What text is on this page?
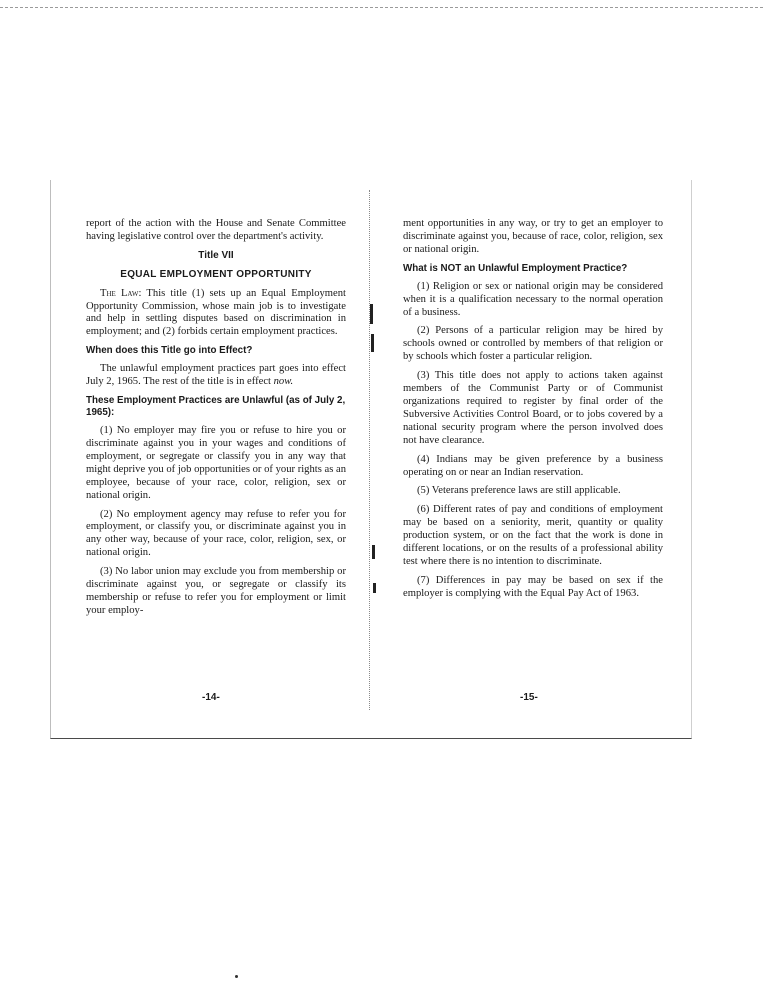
report of the action with the House and Senate Committee having legislative control over the department's activity.

Title VII

EQUAL EMPLOYMENT OPPORTUNITY

The Law: This title (1) sets up an Equal Employment Opportunity Commission, whose main job is to investigate and help in settling disputes based on discrimination in employment; and (2) forbids certain employment practices.

When does this Title go into Effect?

The unlawful employment practices part goes into effect July 2, 1965. The rest of the title is in effect now.

These Employment Practices are Unlawful (as of July 2, 1965):

(1) No employer may fire you or refuse to hire you or discriminate against you in your wages and conditions of employment, or segregate or classify you in any way that might deprive you of job opportunities or of your rights as an employee, because of your race, color, religion, sex or national origin.

(2) No employment agency may refuse to refer you for employment, or classify you, or discriminate against you in any other way, because of your race, color, religion, sex, or national origin.

(3) No labor union may exclude you from membership or discriminate against you, or segregate or classify its membership or refuse to refer you for employment or limit your employ-

-14-

ment opportunities in any way, or try to get an employer to discriminate against you, because of race, color, religion, sex or national origin.

What is NOT an Unlawful Employment Practice?

(1) Religion or sex or national origin may be considered when it is a qualification necessary to the normal operation of a business.

(2) Persons of a particular religion may be hired by schools owned or controlled by members of that religion or by schools which foster a particular religion.

(3) This title does not apply to actions taken against members of the Communist Party or of Communist organizations required to register by final order of the Subversive Activities Control Board, or to jobs covered by a national security program where the person involved does not have clearance.

(4) Indians may be given preference by a business operating on or near an Indian reservation.

(5) Veterans preference laws are still applicable.

(6) Different rates of pay and conditions of employment may be based on a seniority, merit, quantity or quality production system, or on the fact that the work is done in different locations, or on the results of a professional ability test where there is no intention to discriminate.

(7) Differences in pay may be based on sex if the employer is complying with the Equal Pay Act of 1963.

-15-
